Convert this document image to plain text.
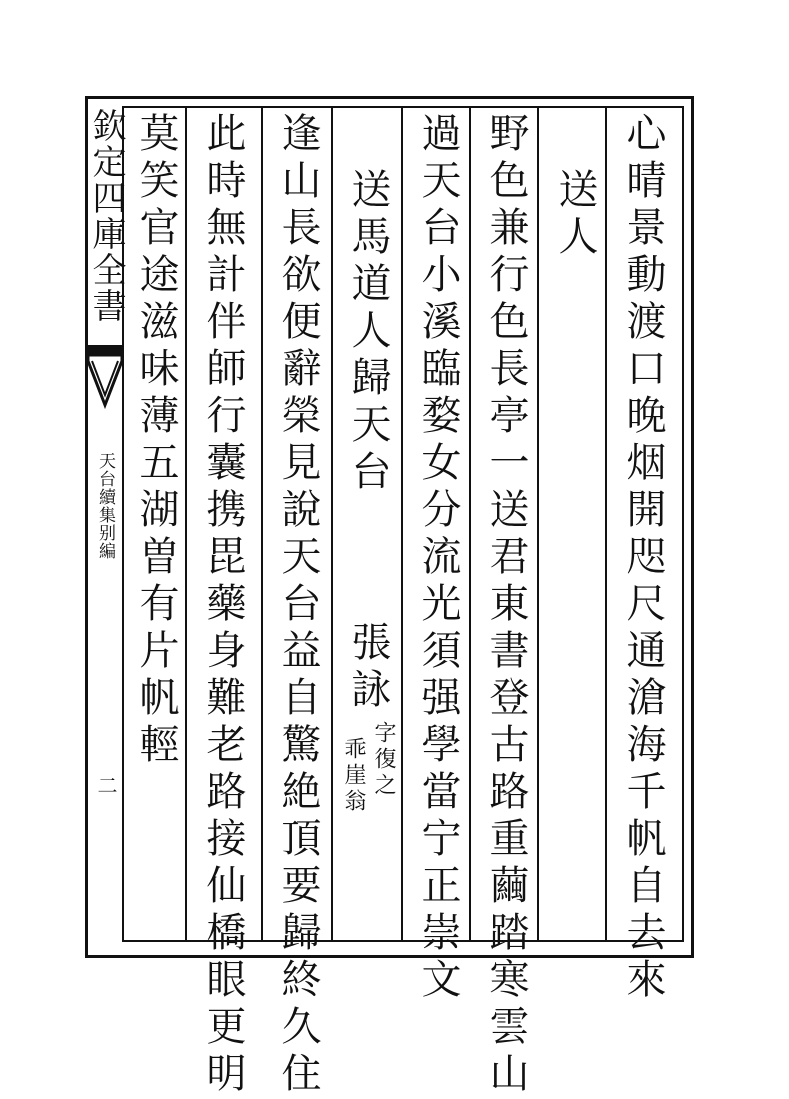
欽定四庫全書
天台續集别編
二	心晴景動渡口晚烟開咫尺通滄海千帆自去來
送人
野色兼行色長亭一送君東書登古路重繭踏寒雲山
過天台小溪臨婺女分流光須强學當宁正崇文
送馬道人歸天台
張詠
字復之
乖崖翁
逢山長欲便辭榮見說天台益自驚絶頂要歸終久住
此時無計伴師行囊携毘藥身難老路接仙橋眼更明
莫笑官途滋味薄五湖曽有片帆輕
